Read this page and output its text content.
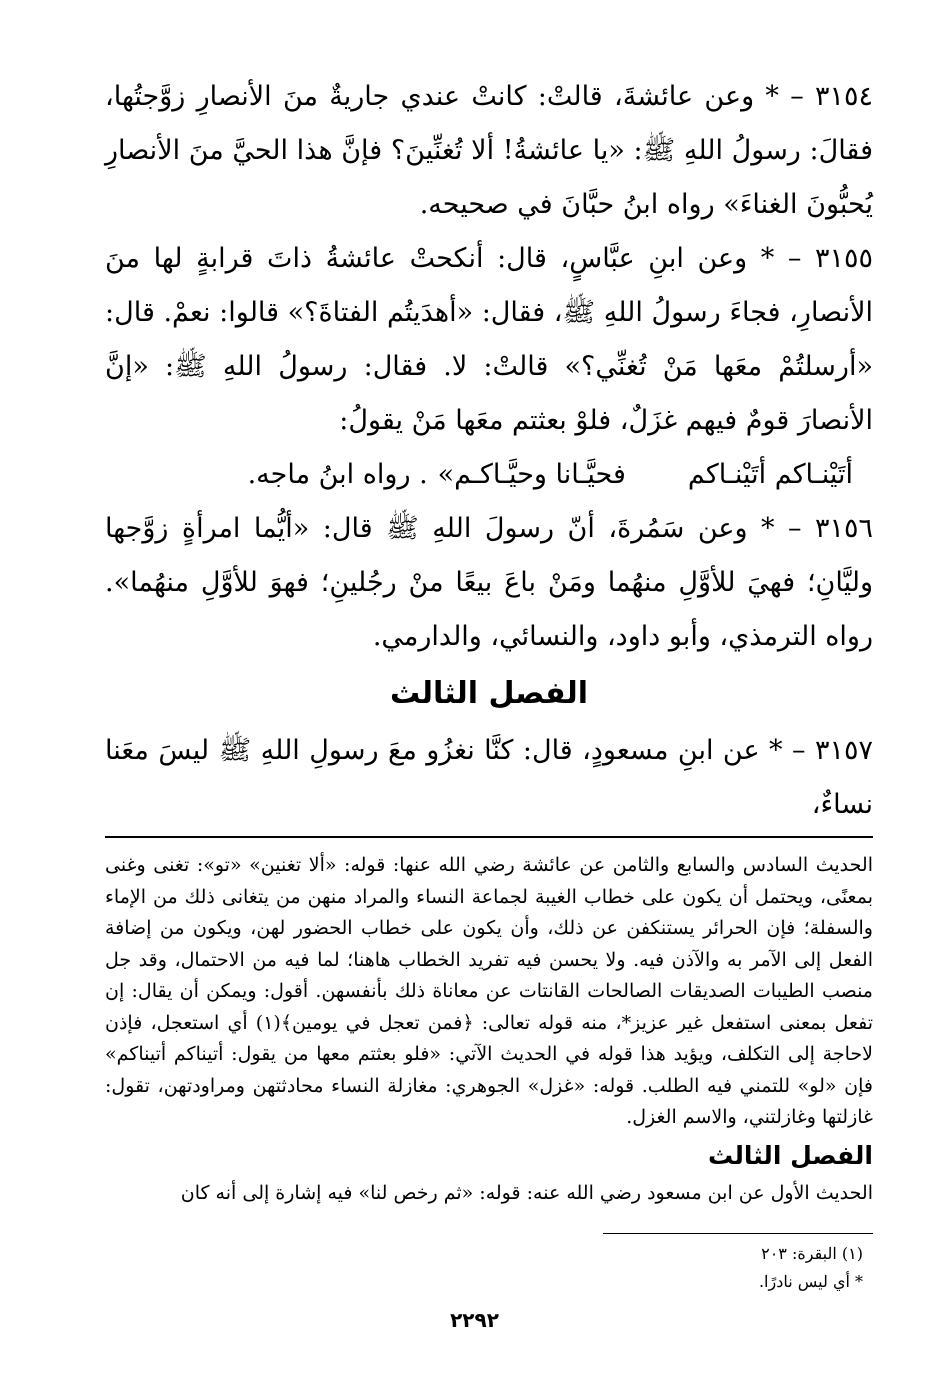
٣١٥٤ – * وعن عائشةَ، قالتْ: كانتْ عندي جاريةٌ منَ الأنصارِ زوَّجتُها، فقالَ: رسولُ اللهِ ﷺ: «يا عائشةُ! ألا تُغنِّينَ؟ فإنَّ هذا الحيَّ منَ الأنصارِ يُحبُّونَ الغناءَ» رواه ابنُ حبَّانَ في صحيحه.

٣١٥٥ – * وعن ابنِ عبَّاسٍ، قال: أنكحتْ عائشةُ ذاتَ قرابةٍ لها منَ الأنصارِ، فجاءَ رسولُ اللهِ ﷺ، فقال: «أهدَيتُم الفتاةَ؟» قالوا: نعمْ. قال: «أرسلتُمْ معَها مَنْ تُغنِّي؟» قالتْ: لا. فقال: رسولُ اللهِ ﷺ: «إنَّ الأنصارَ قومٌ فيهم غزَلٌ، فلوْ بعثتم معَها مَنْ يقولُ:

أتَيْنـاكم أتَيْنـاكم
فحيَّـانا وحيَّـاكـم»
. رواه ابنُ ماجه.

٣١٥٦ – * وعن سَمُرةَ، أنّ رسولَ اللهِ ﷺ قال: «أيُّما امرأةٍ زوَّجها وليَّانِ؛ فهيَ للأوَّلِ منهُما ومَنْ باعَ بيعًا منْ رجُلينِ؛ فهوَ للأوَّلِ منهُما». رواه الترمذي، وأبو داود، والنسائي، والدارمي.

الفصل الثالث

٣١٥٧ – * عن ابنِ مسعودٍ، قال: كنَّا نغزُو معَ رسولِ اللهِ ﷺ ليسَ معَنا نساءٌ،

الحديث السادس والسابع والثامن عن عائشة رضي الله عنها: قوله: «ألا تغنين» «تو»: تغنى وغنى بمعنًى، ويحتمل أن يكون على خطاب الغيبة لجماعة النساء والمراد منهن من يتغانى ذلك من الإماء والسفلة؛ فإن الحرائر يستنكفن عن ذلك، وأن يكون على خطاب الحضور لهن، ويكون من إضافة الفعل إلى الآمر به والآذن فيه. ولا يحسن فيه تفريد الخطاب هاهنا؛ لما فيه من الاحتمال، وقد جل منصب الطيبات الصديقات الصالحات القانتات عن معاناة ذلك بأنفسهن. أقول: ويمكن أن يقال: إن تفعل بمعنى استفعل غير عزيز*، منه قوله تعالى: ﴿فمن تعجل في يومين﴾(١) أي استعجل، فإذن لاحاجة إلى التكلف، ويؤيد هذا قوله في الحديث الآتي: «فلو بعثتم معها من يقول: أتيناكم أتيناكم» فإن «لو» للتمني فيه الطلب. قوله: «غزل» الجوهري: مغازلة النساء محادثتهن ومراودتهن، تقول: غازلتها وغازلتني، والاسم الغزل.

الفصل الثالث

الحديث الأول عن ابن مسعود رضي الله عنه: قوله: «ثم رخص لنا» فيه إشارة إلى أنه كان

(١) البقرة: ٢٠٣

* أي ليس نادرًا.

٢٢٩٢
